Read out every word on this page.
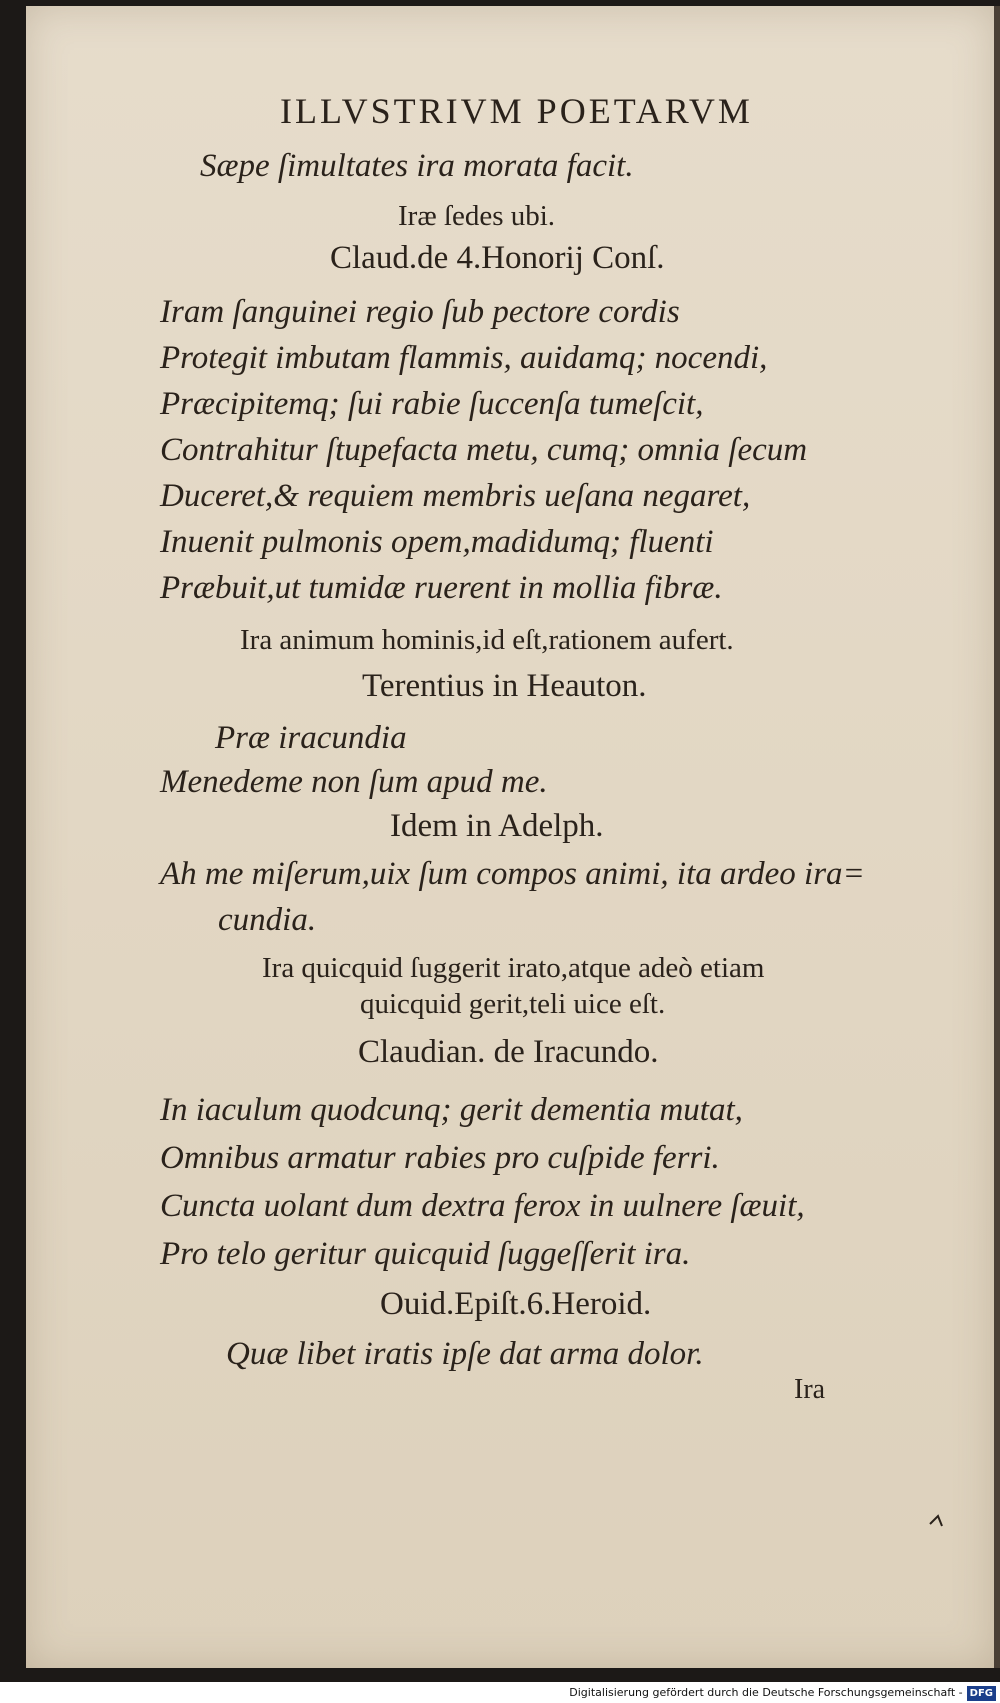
ILLVSTRIVM POETARVM
Sæpe ſimultates ira morata facit.
Iræ ſedes ubi.
Claud.de 4.Honorij Conſ.
Iram ſanguinei regio ſub pectore cordis
Protegit imbutam flammis, auidamq; nocendi,
Præcipitemq; ſui rabie ſuccenſa tumeſcit,
Contrahitur ſtupefacta metu, cumq; omnia ſecum
Duceret,& requiem membris ueſana negaret,
Inuenit pulmonis opem,madidumq; fluenti
Præbuit,ut tumidæ ruerent in mollia fibræ.
Ira animum hominis,id eſt,rationem aufert.
Terentius in Heauton.
Præ iracundia
Menedeme non ſum apud me.
Idem in Adelph.
Ah me miſerum,uix ſum compos animi, ita ardeo ira=
cundia.
Ira quicquid ſuggerit irato,atque adeò etiam
quicquid gerit,teli uice eſt.
Claudian. de Iracundo.
In iaculum quodcunq; gerit dementia mutat,
Omnibus armatur rabies pro cuſpide ferri.
Cuncta uolant dum dextra ferox in uulnere ſæuit,
Pro telo geritur quicquid ſuggeſſerit ira.
Ouid.Epiſt.6.Heroid.
Quæ libet iratis ipſe dat arma dolor.
Ira
Digitalisierung gefördert durch die Deutsche Forschungsgemeinschaft - DFG
